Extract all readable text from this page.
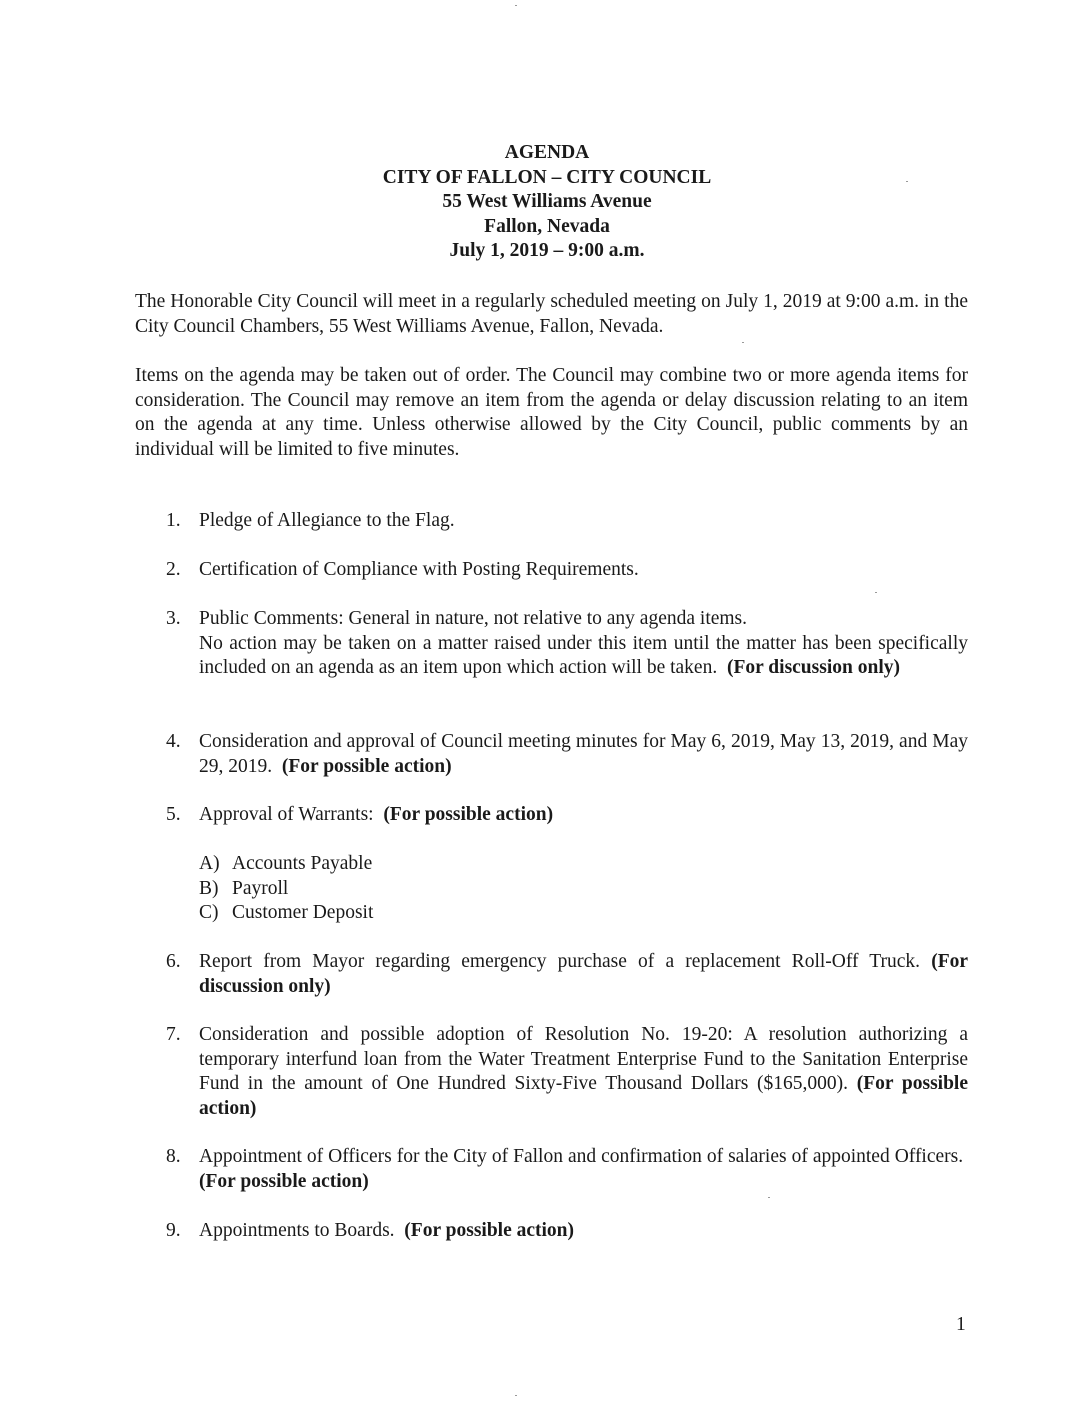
AGENDA
CITY OF FALLON – CITY COUNCIL
55 West Williams Avenue
Fallon, Nevada
July 1, 2019 – 9:00 a.m.
The Honorable City Council will meet in a regularly scheduled meeting on July 1, 2019 at 9:00 a.m. in the City Council Chambers, 55 West Williams Avenue, Fallon, Nevada.
Items on the agenda may be taken out of order. The Council may combine two or more agenda items for consideration. The Council may remove an item from the agenda or delay discussion relating to an item on the agenda at any time. Unless otherwise allowed by the City Council, public comments by an individual will be limited to five minutes.
1. Pledge of Allegiance to the Flag.
2. Certification of Compliance with Posting Requirements.
3. Public Comments: General in nature, not relative to any agenda items.
No action may be taken on a matter raised under this item until the matter has been specifically included on an agenda as an item upon which action will be taken. (For discussion only)
4. Consideration and approval of Council meeting minutes for May 6, 2019, May 13, 2019, and May 29, 2019. (For possible action)
5. Approval of Warrants: (For possible action)
6. Report from Mayor regarding emergency purchase of a replacement Roll-Off Truck. (For discussion only)
7. Consideration and possible adoption of Resolution No. 19-20: A resolution authorizing a temporary interfund loan from the Water Treatment Enterprise Fund to the Sanitation Enterprise Fund in the amount of One Hundred Sixty-Five Thousand Dollars ($165,000). (For possible action)
8. Appointment of Officers for the City of Fallon and confirmation of salaries of appointed Officers.  (For possible action)
9. Appointments to Boards. (For possible action)
A) Accounts Payable
B) Payroll
C) Customer Deposit
1
